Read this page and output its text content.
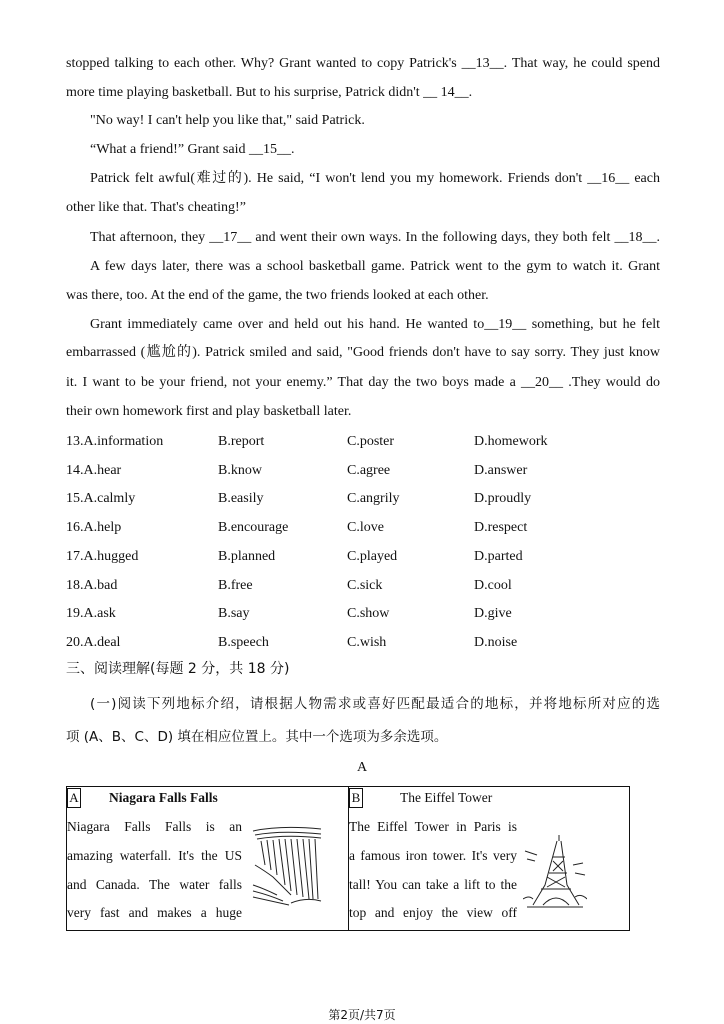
stopped talking to each other. Why? Grant wanted to copy Patrick's __13__. That way, he could spend
more time playing basketball. But to his surprise, Patrick didn't __ 14__.
"No way! I can't help you like that," said Patrick.
“What a friend!” Grant said __15__.
Patrick felt awful(难过的). He said, “I won't lend you my homework. Friends don't __16__ each
other like that. That's cheating!”
That afternoon, they __17__ and went their own ways. In the following days, they both felt __18__.
A few days later, there was a school basketball game. Patrick went to the gym to watch it. Grant
was there, too. At the end of the game, the two friends looked at each other.
Grant immediately came over and held out his hand. He wanted to__19__ something, but he felt
embarrassed (尴尬的). Patrick smiled and said, "Good friends don't have to say sorry. They just know
it. I want to be your friend, not your enemy.” That day the two boys made a __20__ .They would do
their own homework first and play basketball later.
13.A.information	B.report	C.poster	D.homework
14.A.hear	B.know	C.agree	D.answer
15.A.calmly	B.easily	C.angrily	D.proudly
16.A.help	B.encourage	C.love	D.respect
17.A.hugged	B.planned	C.played	D.parted
18.A.bad	B.free	C.sick	D.cool
19.A.ask	B.say	C.show	D.give
20.A.deal	B.speech	C.wish	D.noise
三、阅读理解(每题 2 分，共 18 分)
(一)阅读下列地标介绍，请根据人物需求或喜好匹配最适合的地标，并将地标所对应的选
项 (A、B、C、D) 填在相应位置上。其中一个选项为多余选项。
A
A Niagara Falls Falls
Niagara Falls Falls is an
amazing waterfall. It's the US
and Canada. The water falls
very fast and makes a huge
B	The Eiffel Tower
The Eiffel Tower in Paris is
a famous iron tower. It's very
tall! You can take a lift to the
top and enjoy the view off
第2页/共7页
